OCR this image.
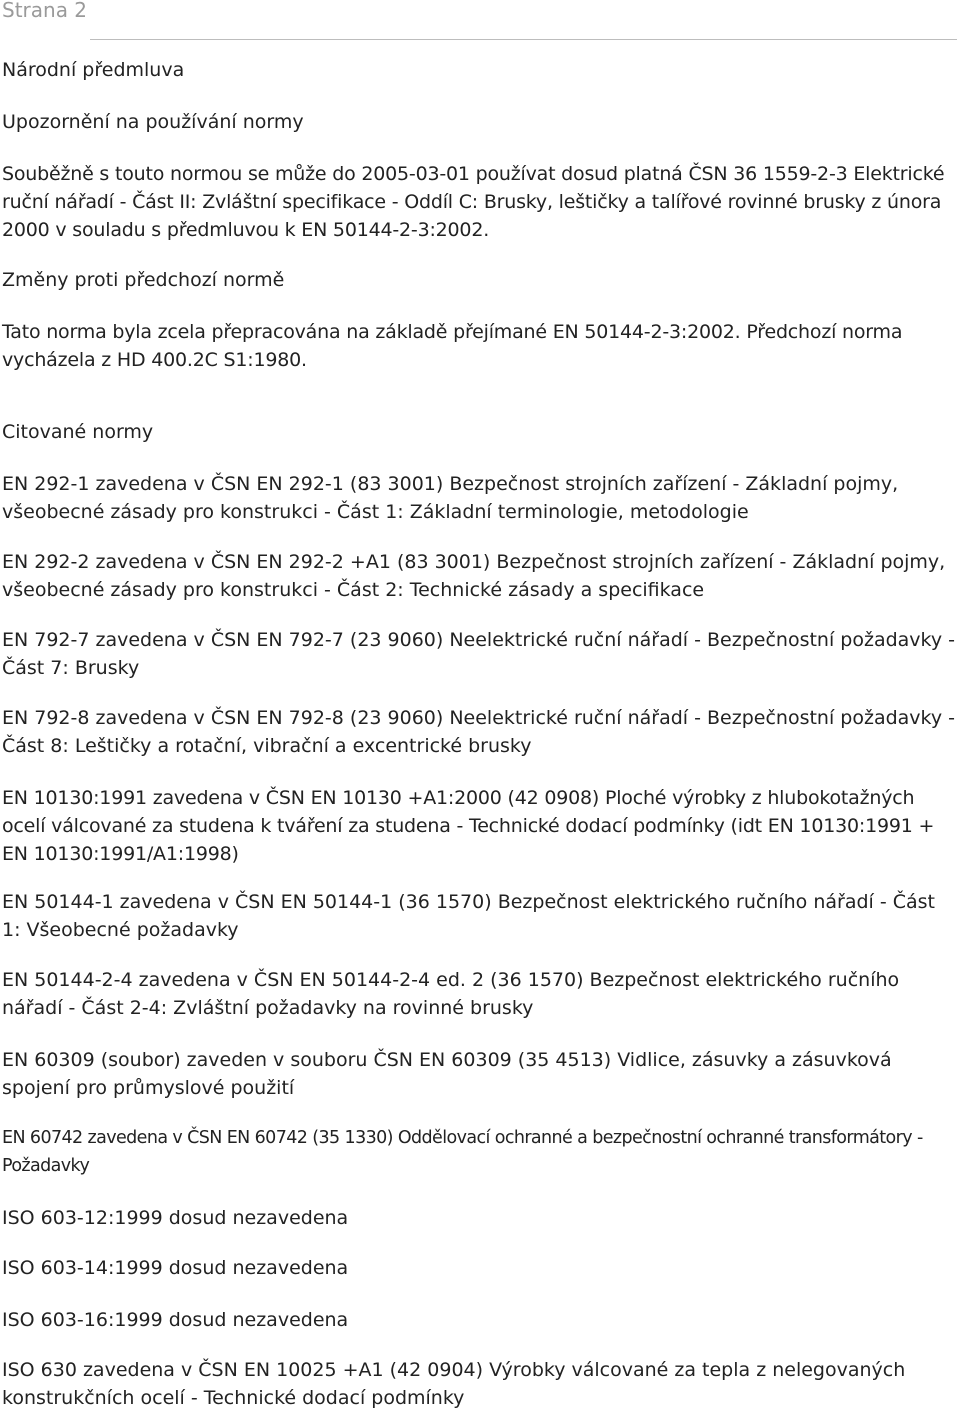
Strana 2

Národní předmluva

Upozornění na používání normy

Souběžně s touto normou se může do 2005-03-01 používat dosud platná ČSN 36 1559-2-3 Elektrické ruční nářadí - Část II: Zvláštní specifikace - Oddíl C: Brusky, leštičky a talířové rovinné brusky z února 2000 v souladu s předmluvou k EN 50144-2-3:2002.

Změny proti předchozí normě

Tato norma byla zcela přepracována na základě přejímané EN 50144-2-3:2002. Předchozí norma vycházela z HD 400.2C S1:1980.

Citované normy

EN 292-1 zavedena v ČSN EN 292-1 (83 3001) Bezpečnost strojních zařízení - Základní pojmy, všeobecné zásady pro konstrukci - Část 1: Základní terminologie, metodologie

EN 292-2 zavedena v ČSN EN 292-2 +A1 (83 3001) Bezpečnost strojních zařízení - Základní pojmy, všeobecné zásady pro konstrukci - Část 2: Technické zásady a specifikace

EN 792-7 zavedena v ČSN EN 792-7 (23 9060) Neelektrické ruční nářadí - Bezpečnostní požadavky - Část 7: Brusky

EN 792-8 zavedena v ČSN EN 792-8 (23 9060) Neelektrické ruční nářadí - Bezpečnostní požadavky - Část 8: Leštičky a rotační, vibrační a excentrické brusky

EN 10130:1991 zavedena v ČSN EN 10130 +A1:2000 (42 0908) Ploché výrobky z hlubokotažných ocelí válcované za studena k tváření za studena - Technické dodací podmínky (idt EN 10130:1991 + EN 10130:1991/A1:1998)

EN 50144-1 zavedena v ČSN EN 50144-1 (36 1570) Bezpečnost elektrického ručního nářadí - Část 1: Všeobecné požadavky

EN 50144-2-4 zavedena v ČSN EN 50144-2-4 ed. 2 (36 1570) Bezpečnost elektrického ručního nářadí - Část 2-4: Zvláštní požadavky na rovinné brusky

EN 60309 (soubor) zaveden v souboru ČSN EN 60309 (35 4513) Vidlice, zásuvky a zásuvková spojení pro průmyslové použití

EN 60742 zavedena v ČSN EN 60742 (35 1330) Oddělovací ochranné a bezpečnostní ochranné transformátory - Požadavky

ISO 603-12:1999 dosud nezavedena

ISO 603-14:1999 dosud nezavedena

ISO 603-16:1999 dosud nezavedena

ISO 630 zavedena v ČSN EN 10025 +A1 (42 0904) Výrobky válcované za tepla z nelegovaných konstrukčních ocelí - Technické dodací podmínky
